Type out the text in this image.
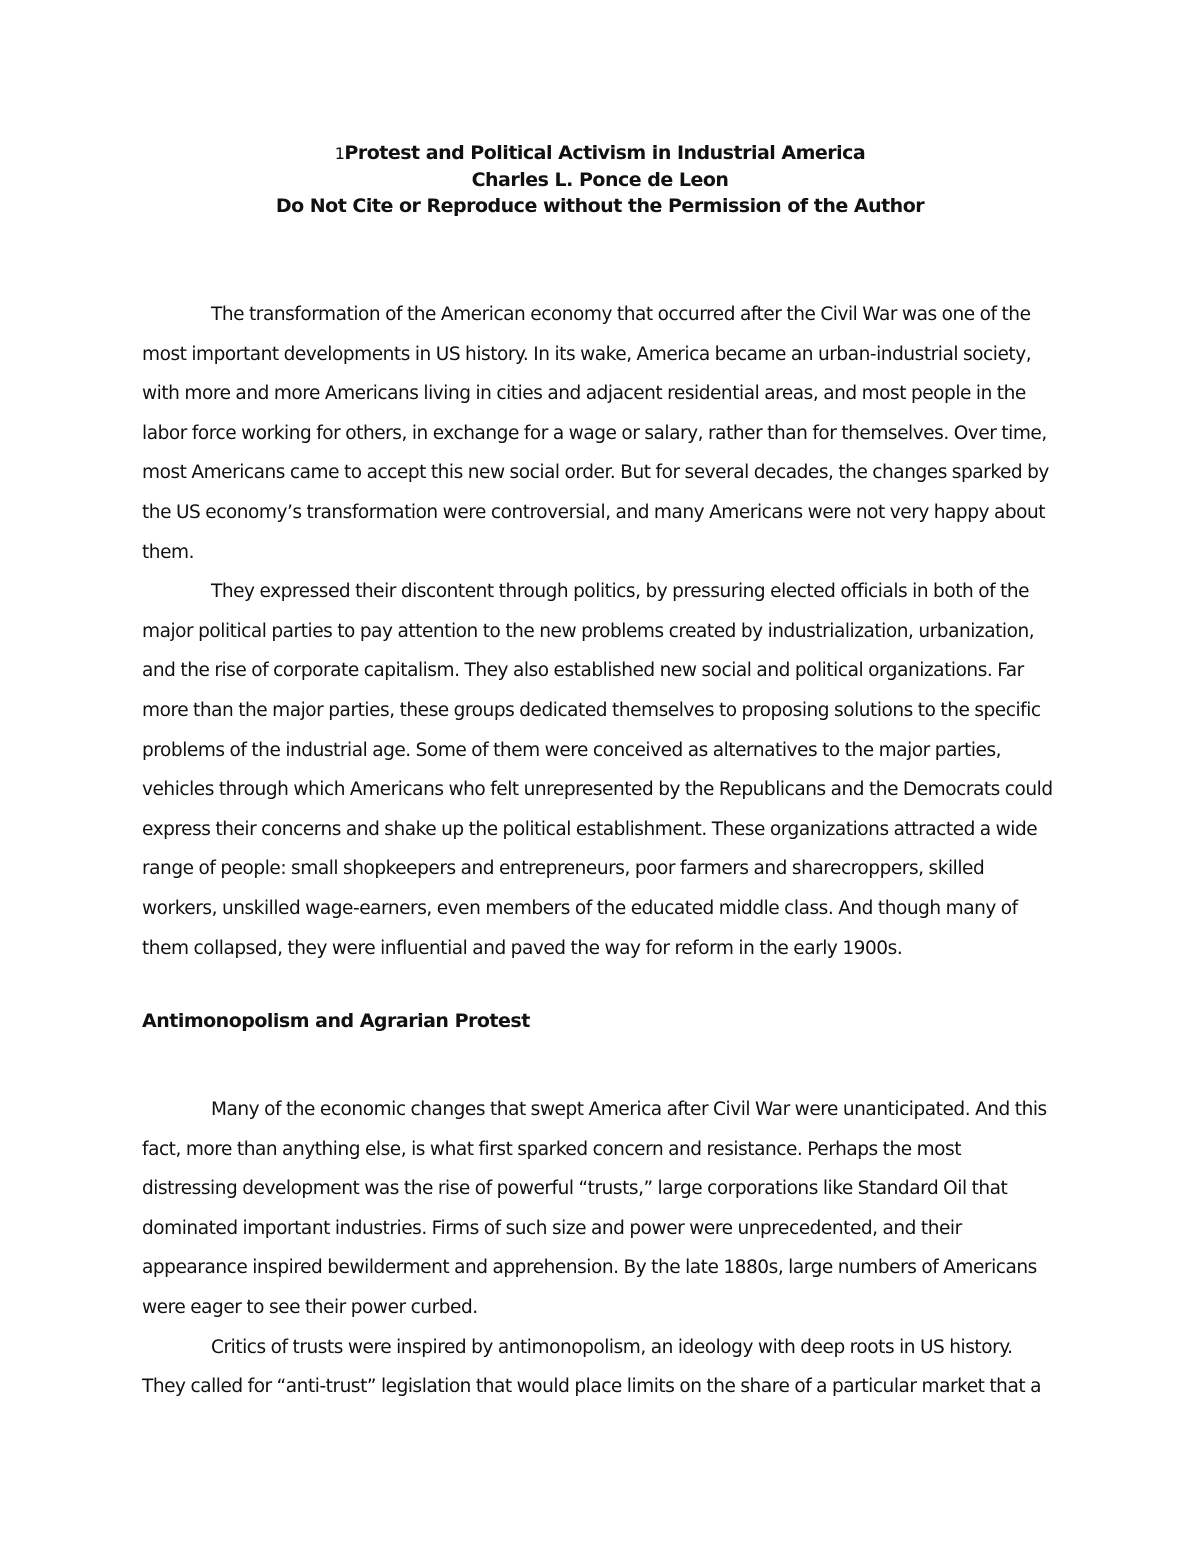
1Protest and Political Activism in Industrial America
Charles L. Ponce de Leon
Do Not Cite or Reproduce without the Permission of the Author
The transformation of the American economy that occurred after the Civil War was one of the
most important developments in US history. In its wake, America became an urban-industrial society,
with more and more Americans living in cities and adjacent residential areas, and most people in the
labor force working for others, in exchange for a wage or salary, rather than for themselves. Over time,
most Americans came to accept this new social order. But for several decades, the changes sparked by
the US economy’s transformation were controversial, and many Americans were not very happy about
them.
They expressed their discontent through politics, by pressuring elected officials in both of the
major political parties to pay attention to the new problems created by industrialization, urbanization,
and the rise of corporate capitalism. They also established new social and political organizations. Far
more than the major parties, these groups dedicated themselves to proposing solutions to the specific
problems of the industrial age. Some of them were conceived as alternatives to the major parties,
vehicles through which Americans who felt unrepresented by the Republicans and the Democrats could
express their concerns and shake up the political establishment. These organizations attracted a wide
range of people: small shopkeepers and entrepreneurs, poor farmers and sharecroppers, skilled
workers, unskilled wage-earners, even members of the educated middle class. And though many of
them collapsed, they were influential and paved the way for reform in the early 1900s.
Antimonopolism and Agrarian Protest
Many of the economic changes that swept America after Civil War were unanticipated. And this
fact, more than anything else, is what first sparked concern and resistance. Perhaps the most
distressing development was the rise of powerful “trusts,” large corporations like Standard Oil that
dominated important industries. Firms of such size and power were unprecedented, and their
appearance inspired bewilderment and apprehension. By the late 1880s, large numbers of Americans
were eager to see their power curbed.
Critics of trusts were inspired by antimonopolism, an ideology with deep roots in US history.
They called for “anti-trust” legislation that would place limits on the share of a particular market that a
